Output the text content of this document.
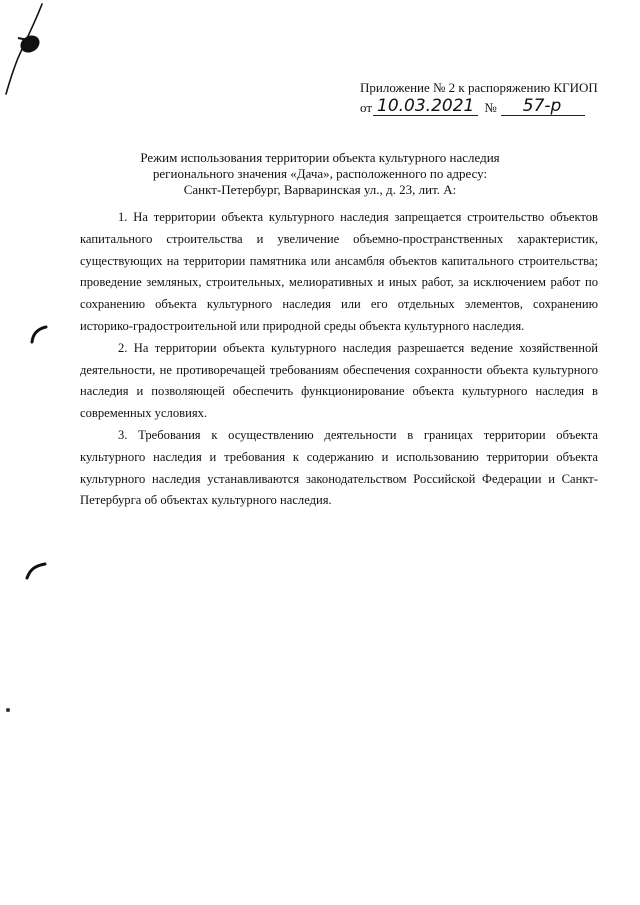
Приложение № 2 к распоряжению КГИОП
от 10.03.2021 №	57-р
Режим использования территории объекта культурного наследия
регионального значения «Дача», расположенного по адресу:
Санкт-Петербург, Варваринская ул., д. 23, лит. А:

1. На территории объекта культурного наследия запрещается строительство объектов капитального строительства и увеличение объемно-пространственных характеристик, существующих на территории памятника или ансамбля объектов капитального строительства; проведение земляных, строительных, мелиоративных и иных работ, за исключением работ по сохранению объекта культурного наследия или его отдельных элементов, сохранению историко-градостроительной или природной среды объекта культурного наследия.

2. На территории объекта культурного наследия разрешается ведение хозяйственной деятельности, не противоречащей требованиям обеспечения сохранности объекта культурного наследия и позволяющей обеспечить функционирование объекта культурного наследия в современных условиях.

3. Требования к осуществлению деятельности в границах территории объекта культурного наследия и требования к содержанию и использованию территории объекта культурного наследия устанавливаются законодательством Российской Федерации и Санкт-Петербурга об объектах культурного наследия.
